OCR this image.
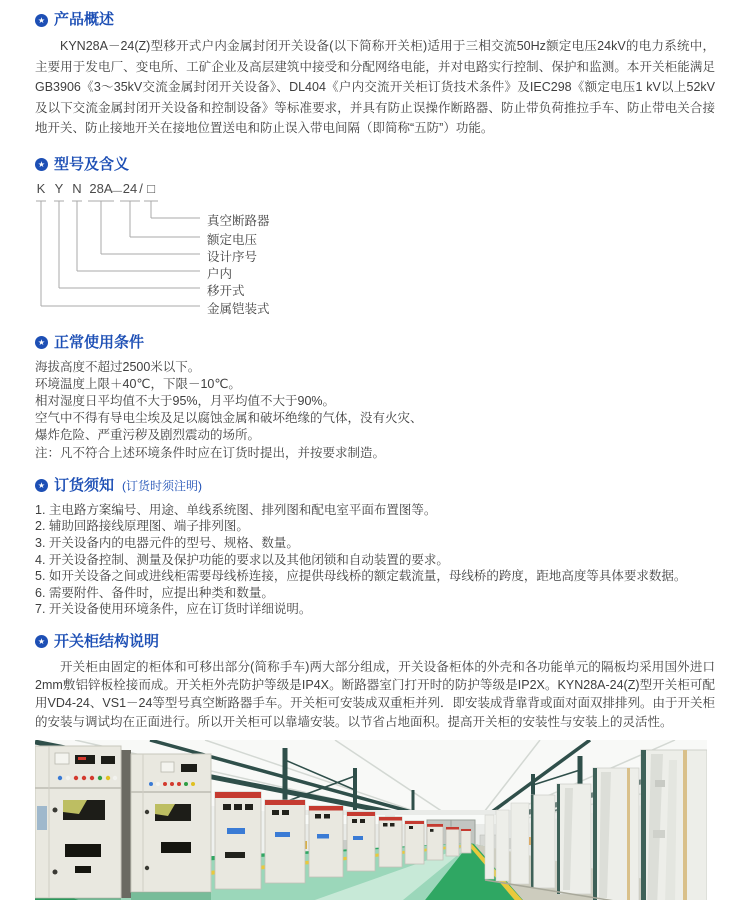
★ 产品概述

KYN28A－24(Z)型移开式户内金属封闭开关设备(以下简称开关柜)适用于三相交流50Hz额定电压24kV的电力系统中，主要用于发电厂、变电所、工矿企业及高层建筑中接受和分配网络电能，并对电路实行控制、保护和监测。本开关柜能满足GB3906《3～35kV交流金属封闭开关设备》、DL404《户内交流开关柜订货技术条件》及IEC298《额定电压1 kV以上52kV及以下交流金属封闭开关设备和控制设备》等标准要求，并具有防止误操作断路器、防止带负荷推拉手车、防止带电关合接地开关、防止接地开关在接地位置送电和防止误入带电间隔（即简称“五防”）功能。

★ 型号及含义
K Y N 28A
－ 24 / □
真空断路器
额定电压
设计序号
户内
移开式
金属铠装式
★ 正常使用条件
海拔高度不超过2500米以下。
环境温度上限＋40℃，下限－10℃。
相对湿度日平均值不大于95%，月平均值不大于90%。
空气中不得有导电尘埃及足以腐蚀金属和破坏绝缘的气体，没有火灾、
爆炸危险、严重污秽及剧烈震动的场所。
注：凡不符合上述环境条件时应在订货时提出，并按要求制造。
★ 订货须知 (订货时须注明)
1. 主电路方案编号、用途、单线系统图、排列图和配电室平面布置图等。
2. 辅助回路接线原理图、端子排列图。
3. 开关设备内的电器元件的型号、规格、数量。
4. 开关设备控制、测量及保护功能的要求以及其他闭锁和自动装置的要求。
5. 如开关设备之间或进线柜需要母线桥连接，应提供母线桥的额定载流量，母线桥的跨度，距地高度等具体要求数据。
6. 需要附件、备件时，应提出种类和数量。
7. 开关设备使用环境条件，应在订货时详细说明。
★ 开关柜结构说明

开关柜由固定的柜体和可移出部分(简称手车)两大部分组成，开关设备柜体的外壳和各功能单元的隔板均采用国外进口2mm敷铝锌板栓接而成。开关柜外壳防护等级是IP4X。断路器室门打开时的防护等级是IP2X。KYN28A-24(Z)型开关柜可配用VD4-24、VS1－24等型号真空断路器手车。开关柜可安装成双重柜并列．即安装成背靠背或面对面双排排列。由于开关柜的安装与调试均在正面进行。所以开关柜可以靠墙安装。以节省占地面积。提高开关柜的安装性与安装上的灵活性。
